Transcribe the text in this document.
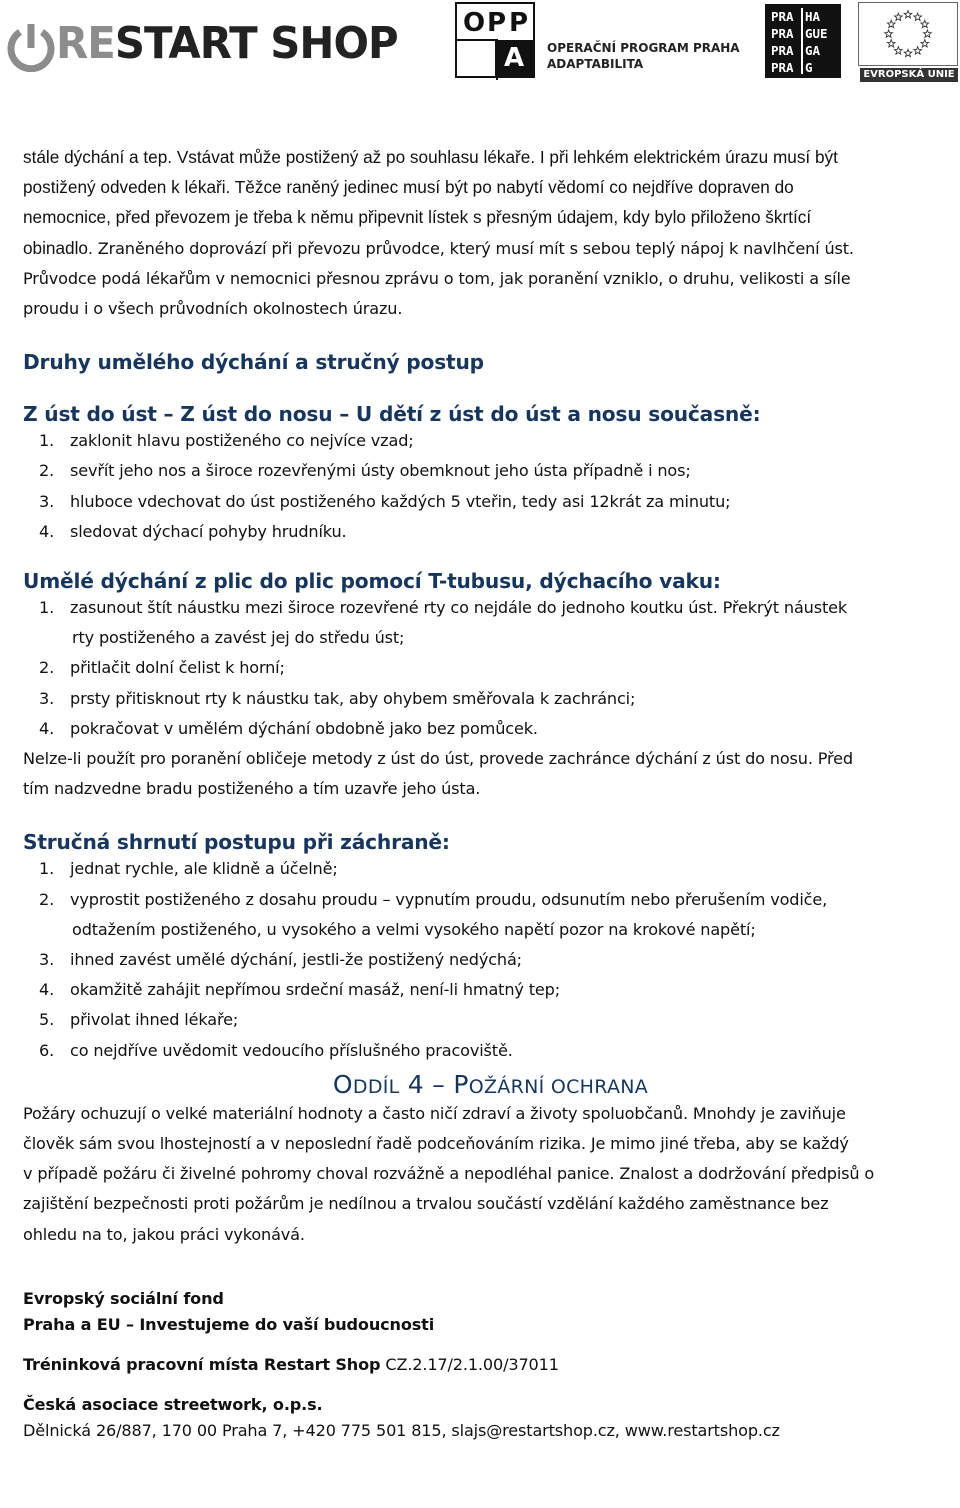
RESTART SHOP	O P P
A	OPERAČNÍ PROGRAM PRAHA
ADAPTABILITA
PRA HA
PRA GUE
PRA GA
PRA G	EVROPSKÁ UNIE
stále dýchání a tep. Vstávat může postižený až po souhlasu lékaře. I při lehkém elektrickém úrazu musí být
postižený odveden k lékaři. Těžce raněný jedinec musí být po nabytí vědomí co nejdříve dopraven do
nemocnice, před převozem je třeba k němu připevnit lístek s přesným údajem, kdy bylo přiloženo škrtící
obinadlo. Zraněného doprovází při převozu průvodce, který musí mít s sebou teplý nápoj k navlhčení úst.
Průvodce podá lékařům v nemocnici přesnou zprávu o tom, jak poranění vzniklo, o druhu, velikosti a síle
proudu i o všech průvodních okolnostech úrazu.
Druhy umělého dýchání a stručný postup
Z úst do úst – Z úst do nosu – U dětí z úst do úst a nosu současně:
1. zaklonit hlavu postiženého co nejvíce vzad;
2. sevřít jeho nos a široce rozevřenými ústy obemknout jeho ústa případně i nos;
3. hluboce vdechovat do úst postiženého každých 5 vteřin, tedy asi 12krát za minutu;
4. sledovat dýchací pohyby hrudníku.
Umělé dýchání z plic do plic pomocí T-tubusu, dýchacího vaku:
1. zasunout štít náustku mezi široce rozevřené rty co nejdále do jednoho koutku úst. Překrýt náustek
rty postiženého a zavést jej do středu úst;
2. přitlačit dolní čelist k horní;
3. prsty přitisknout rty k náustku tak, aby ohybem směřovala k zachránci;
4. pokračovat v umělém dýchání obdobně jako bez pomůcek.
Nelze-li použít pro poranění obličeje metody z úst do úst, provede zachránce dýchání z úst do nosu. Před
tím nadzvedne bradu postiženého a tím uzavře jeho ústa.
Stručná shrnutí postupu při záchraně:
1. jednat rychle, ale klidně a účelně;
2. vyprostit postiženého z dosahu proudu – vypnutím proudu, odsunutím nebo přerušením vodiče,
odtažením postiženého, u vysokého a velmi vysokého napětí pozor na krokové napětí;
3. ihned zavést umělé dýchání, jestli-že postižený nedýchá;
4. okamžitě zahájit nepřímou srdeční masáž, není-li hmatný tep;
5. přivolat ihned lékaře;
6. co nejdříve uvědomit vedoucího příslušného pracoviště.
ODDÍL 4 – POŽÁRNÍ OCHRANA
Požáry ochuzují o velké materiální hodnoty a často ničí zdraví a životy spoluobčanů. Mnohdy je zaviňuje
člověk sám svou lhostejností a v neposlední řadě podceňováním rizika. Je mimo jiné třeba, aby se každý
v případě požáru či živelné pohromy choval rozvážně a nepodléhal panice. Znalost a dodržování předpisů o
zajištění bezpečnosti proti požárům je nedílnou a trvalou součástí vzdělání každého zaměstnance bez
ohledu na to, jakou práci vykonává.
Evropský sociální fond
Praha a EU – Investujeme do vaší budoucnosti
Tréninková pracovní místa Restart Shop CZ.2.17/2.1.00/37011
Česká asociace streetwork, o.p.s.
Dělnická 26/887, 170 00 Praha 7, +420 775 501 815, slajs@restartshop.cz, www.restartshop.cz
